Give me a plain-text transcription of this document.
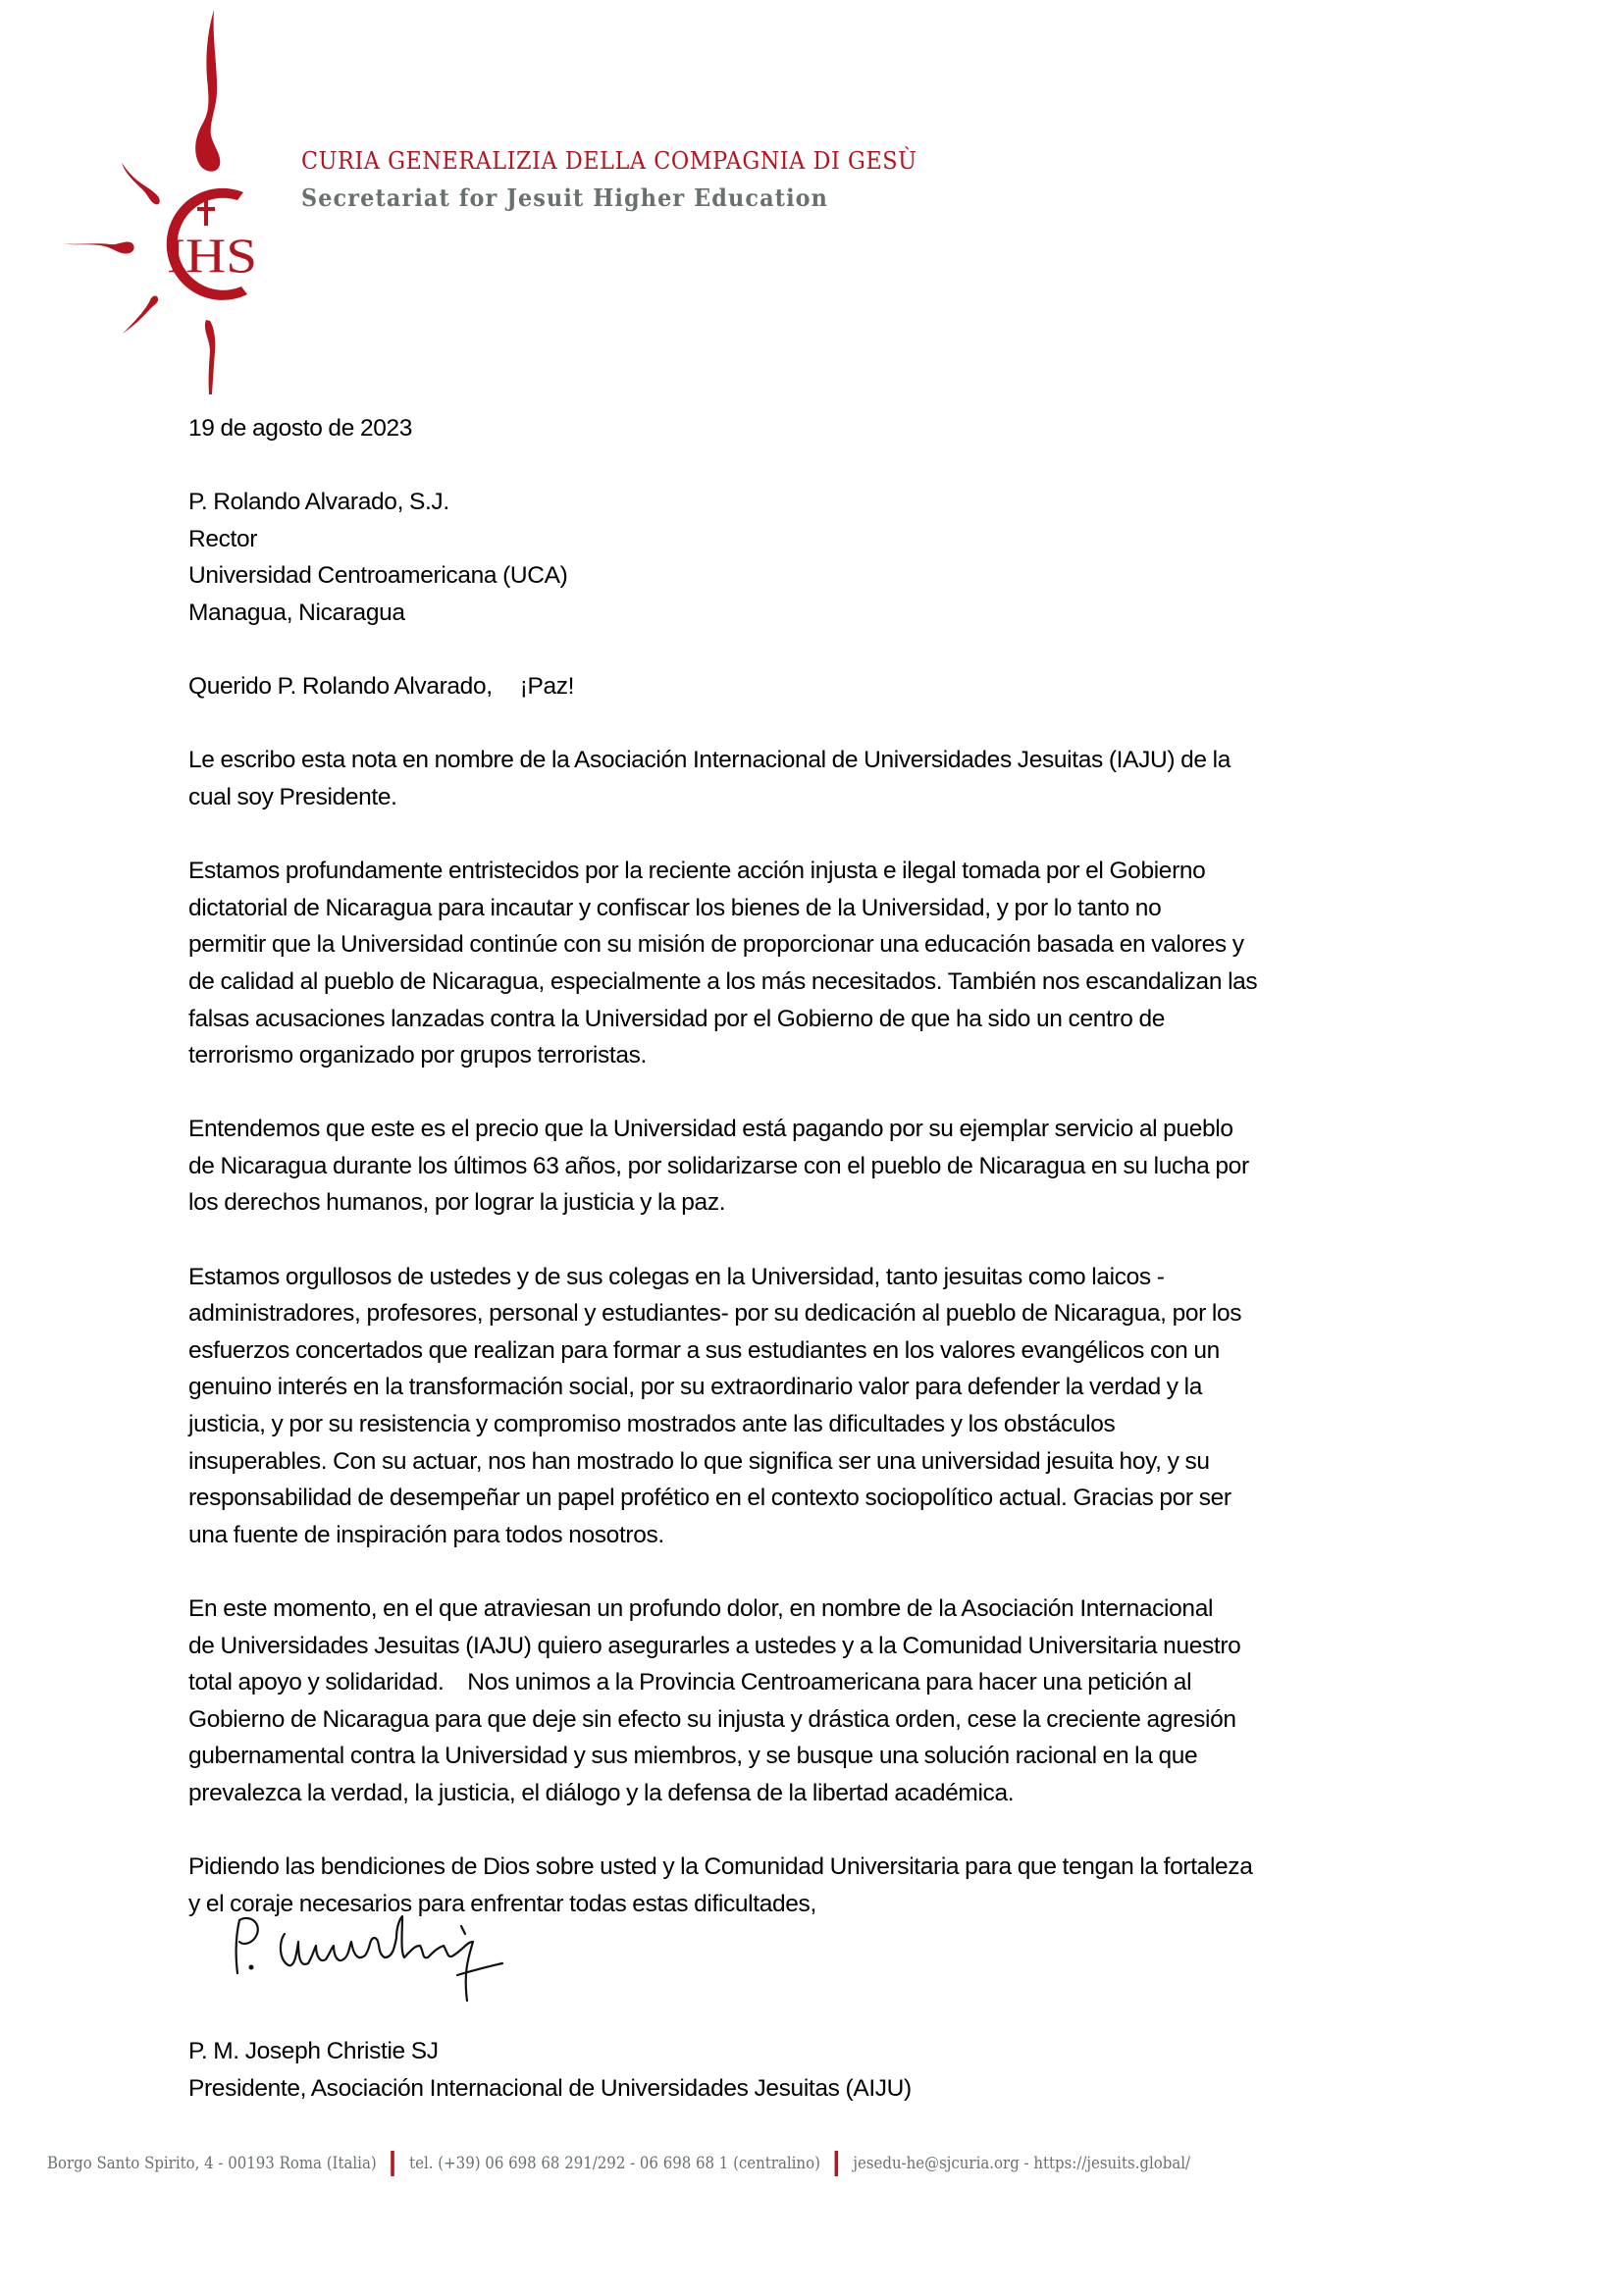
IHS
CURIA GENERALIZIA DELLA COMPAGNIA DI GESÙ
Secretariat for Jesuit Higher Education
19 de agosto de 2023
P. Rolando Alvarado, S.J.
Rector
Universidad Centroamericana (UCA)
Managua, Nicaragua
Querido P. Rolando Alvarado, ¡Paz!
Le escribo esta nota en nombre de la Asociación Internacional de Universidades Jesuitas (IAJU) de la
cual soy Presidente.
Estamos profundamente entristecidos por la reciente acción injusta e ilegal tomada por el Gobierno
dictatorial de Nicaragua para incautar y confiscar los bienes de la Universidad, y por lo tanto no
permitir que la Universidad continúe con su misión de proporcionar una educación basada en valores y
de calidad al pueblo de Nicaragua, especialmente a los más necesitados. También nos escandalizan las
falsas acusaciones lanzadas contra la Universidad por el Gobierno de que ha sido un centro de
terrorismo organizado por grupos terroristas.
Entendemos que este es el precio que la Universidad está pagando por su ejemplar servicio al pueblo
de Nicaragua durante los últimos 63 años, por solidarizarse con el pueblo de Nicaragua en su lucha por
los derechos humanos, por lograr la justicia y la paz.
Estamos orgullosos de ustedes y de sus colegas en la Universidad, tanto jesuitas como laicos -
administradores, profesores, personal y estudiantes- por su dedicación al pueblo de Nicaragua, por los
esfuerzos concertados que realizan para formar a sus estudiantes en los valores evangélicos con un
genuino interés en la transformación social, por su extraordinario valor para defender la verdad y la
justicia, y por su resistencia y compromiso mostrados ante las dificultades y los obstáculos
insuperables. Con su actuar, nos han mostrado lo que significa ser una universidad jesuita hoy, y su
responsabilidad de desempeñar un papel profético en el contexto sociopolítico actual. Gracias por ser
una fuente de inspiración para todos nosotros.
En este momento, en el que atraviesan un profundo dolor, en nombre de la Asociación Internacional
de Universidades Jesuitas (IAJU) quiero asegurarles a ustedes y a la Comunidad Universitaria nuestro
total apoyo y solidaridad.    Nos unimos a la Provincia Centroamericana para hacer una petición al
Gobierno de Nicaragua para que deje sin efecto su injusta y drástica orden, cese la creciente agresión
gubernamental contra la Universidad y sus miembros, y se busque una solución racional en la que
prevalezca la verdad, la justicia, el diálogo y la defensa de la libertad académica.
Pidiendo las bendiciones de Dios sobre usted y la Comunidad Universitaria para que tengan la fortaleza
y el coraje necesarios para enfrentar todas estas dificultades,
P. M. Joseph Christie SJ
Presidente, Asociación Internacional de Universidades Jesuitas (AIJU)
Borgo Santo Spirito, 4 - 00193 Roma (Italia) tel. (+39) 06 698 68 291/292 - 06 698 68 1 (centralino) jesedu-he@sjcuria.org - https://jesuits.global/
